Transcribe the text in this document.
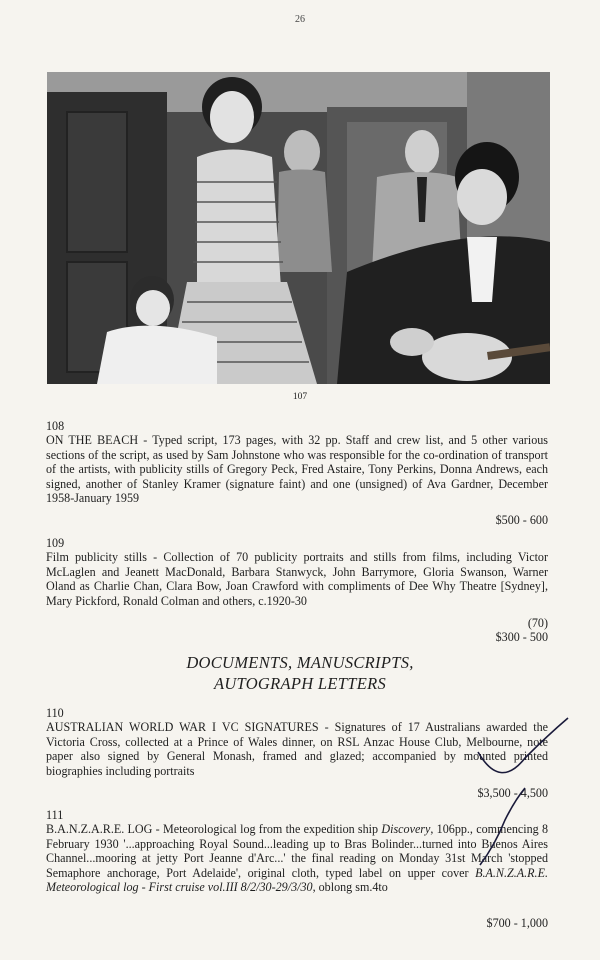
26
107

108

ON THE BEACH - Typed script, 173 pages, with 32 pp. Staff and crew list, and 5 other various sections of the script, as used by Sam Johnstone who was responsible for the co-ordination of transport of the artists, with publicity stills of Gregory Peck, Fred Astaire, Tony Perkins, Donna Andrews, each signed, another of Stanley Kramer (signature faint) and one (unsigned) of Ava Gardner, December 1958-January 1959

$500 - 600

109

Film publicity stills - Collection of 70 publicity portraits and stills from films, including Victor McLaglen and Jeanett MacDonald, Barbara Stanwyck, John Barrymore, Gloria Swanson, Warner Oland as Charlie Chan, Clara Bow, Joan Crawford with compliments of Dee Why Theatre [Sydney], Mary Pickford, Ronald Colman and others, c.1920-30

(70)

$300 - 500

DOCUMENTS, MANUSCRIPTS,
AUTOGRAPH LETTERS

110

AUSTRALIAN WORLD WAR I VC SIGNATURES - Signatures of 17 Australians awarded the Victoria Cross, collected at a Prince of Wales dinner, on RSL Anzac House Club, Melbourne, note paper also signed by General Monash, framed and glazed; accompanied by mounted printed biographies including portraits

$3,500 - 4,500

111

B.A.N.Z.A.R.E. LOG - Meteorological log from the expedition ship Discovery, 106pp., commencing 8 February 1930 '...approaching Royal Sound...leading up to Bras Bolinder...turned into Buenos Aires Channel...mooring at jetty Port Jeanne d'Arc...' the final reading on Monday 31st March 'stopped Semaphore anchorage, Port Adelaide', original cloth, typed label on upper cover B.A.N.Z.A.R.E. Meteorological log - First cruise vol.III 8/2/30-29/3/30, oblong sm.4to

$700 - 1,000
